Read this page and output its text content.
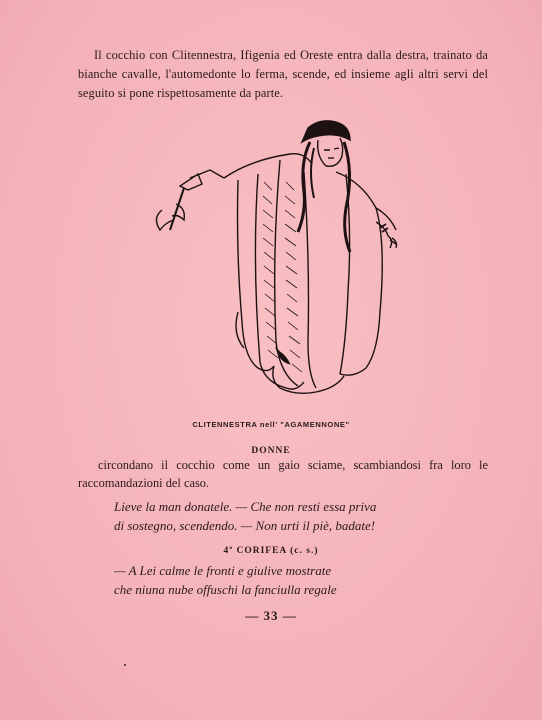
Il cocchio con Clitennestra, Ifigenia ed Oreste entra dalla destra, trainato da bianche cavalle, l'automedonte lo ferma, scende, ed insieme agli altri servi del seguito si pone rispettosamente da parte.

CLITENNESTRA nell' "AGAMENNONE"
DONNE

circondano il cocchio come un gaio sciame, scambiandosi fra loro le raccomandazioni del caso.

Lieve la man donatele. — Che non resti essa priva
di sostegno, scendendo. — Non urti il piè, badate!
4ª CORIFEA (c. s.)
— A Lei calme le fronti e giulive mostrate
che niuna nube offuschi la fanciulla regale
— 33 —
